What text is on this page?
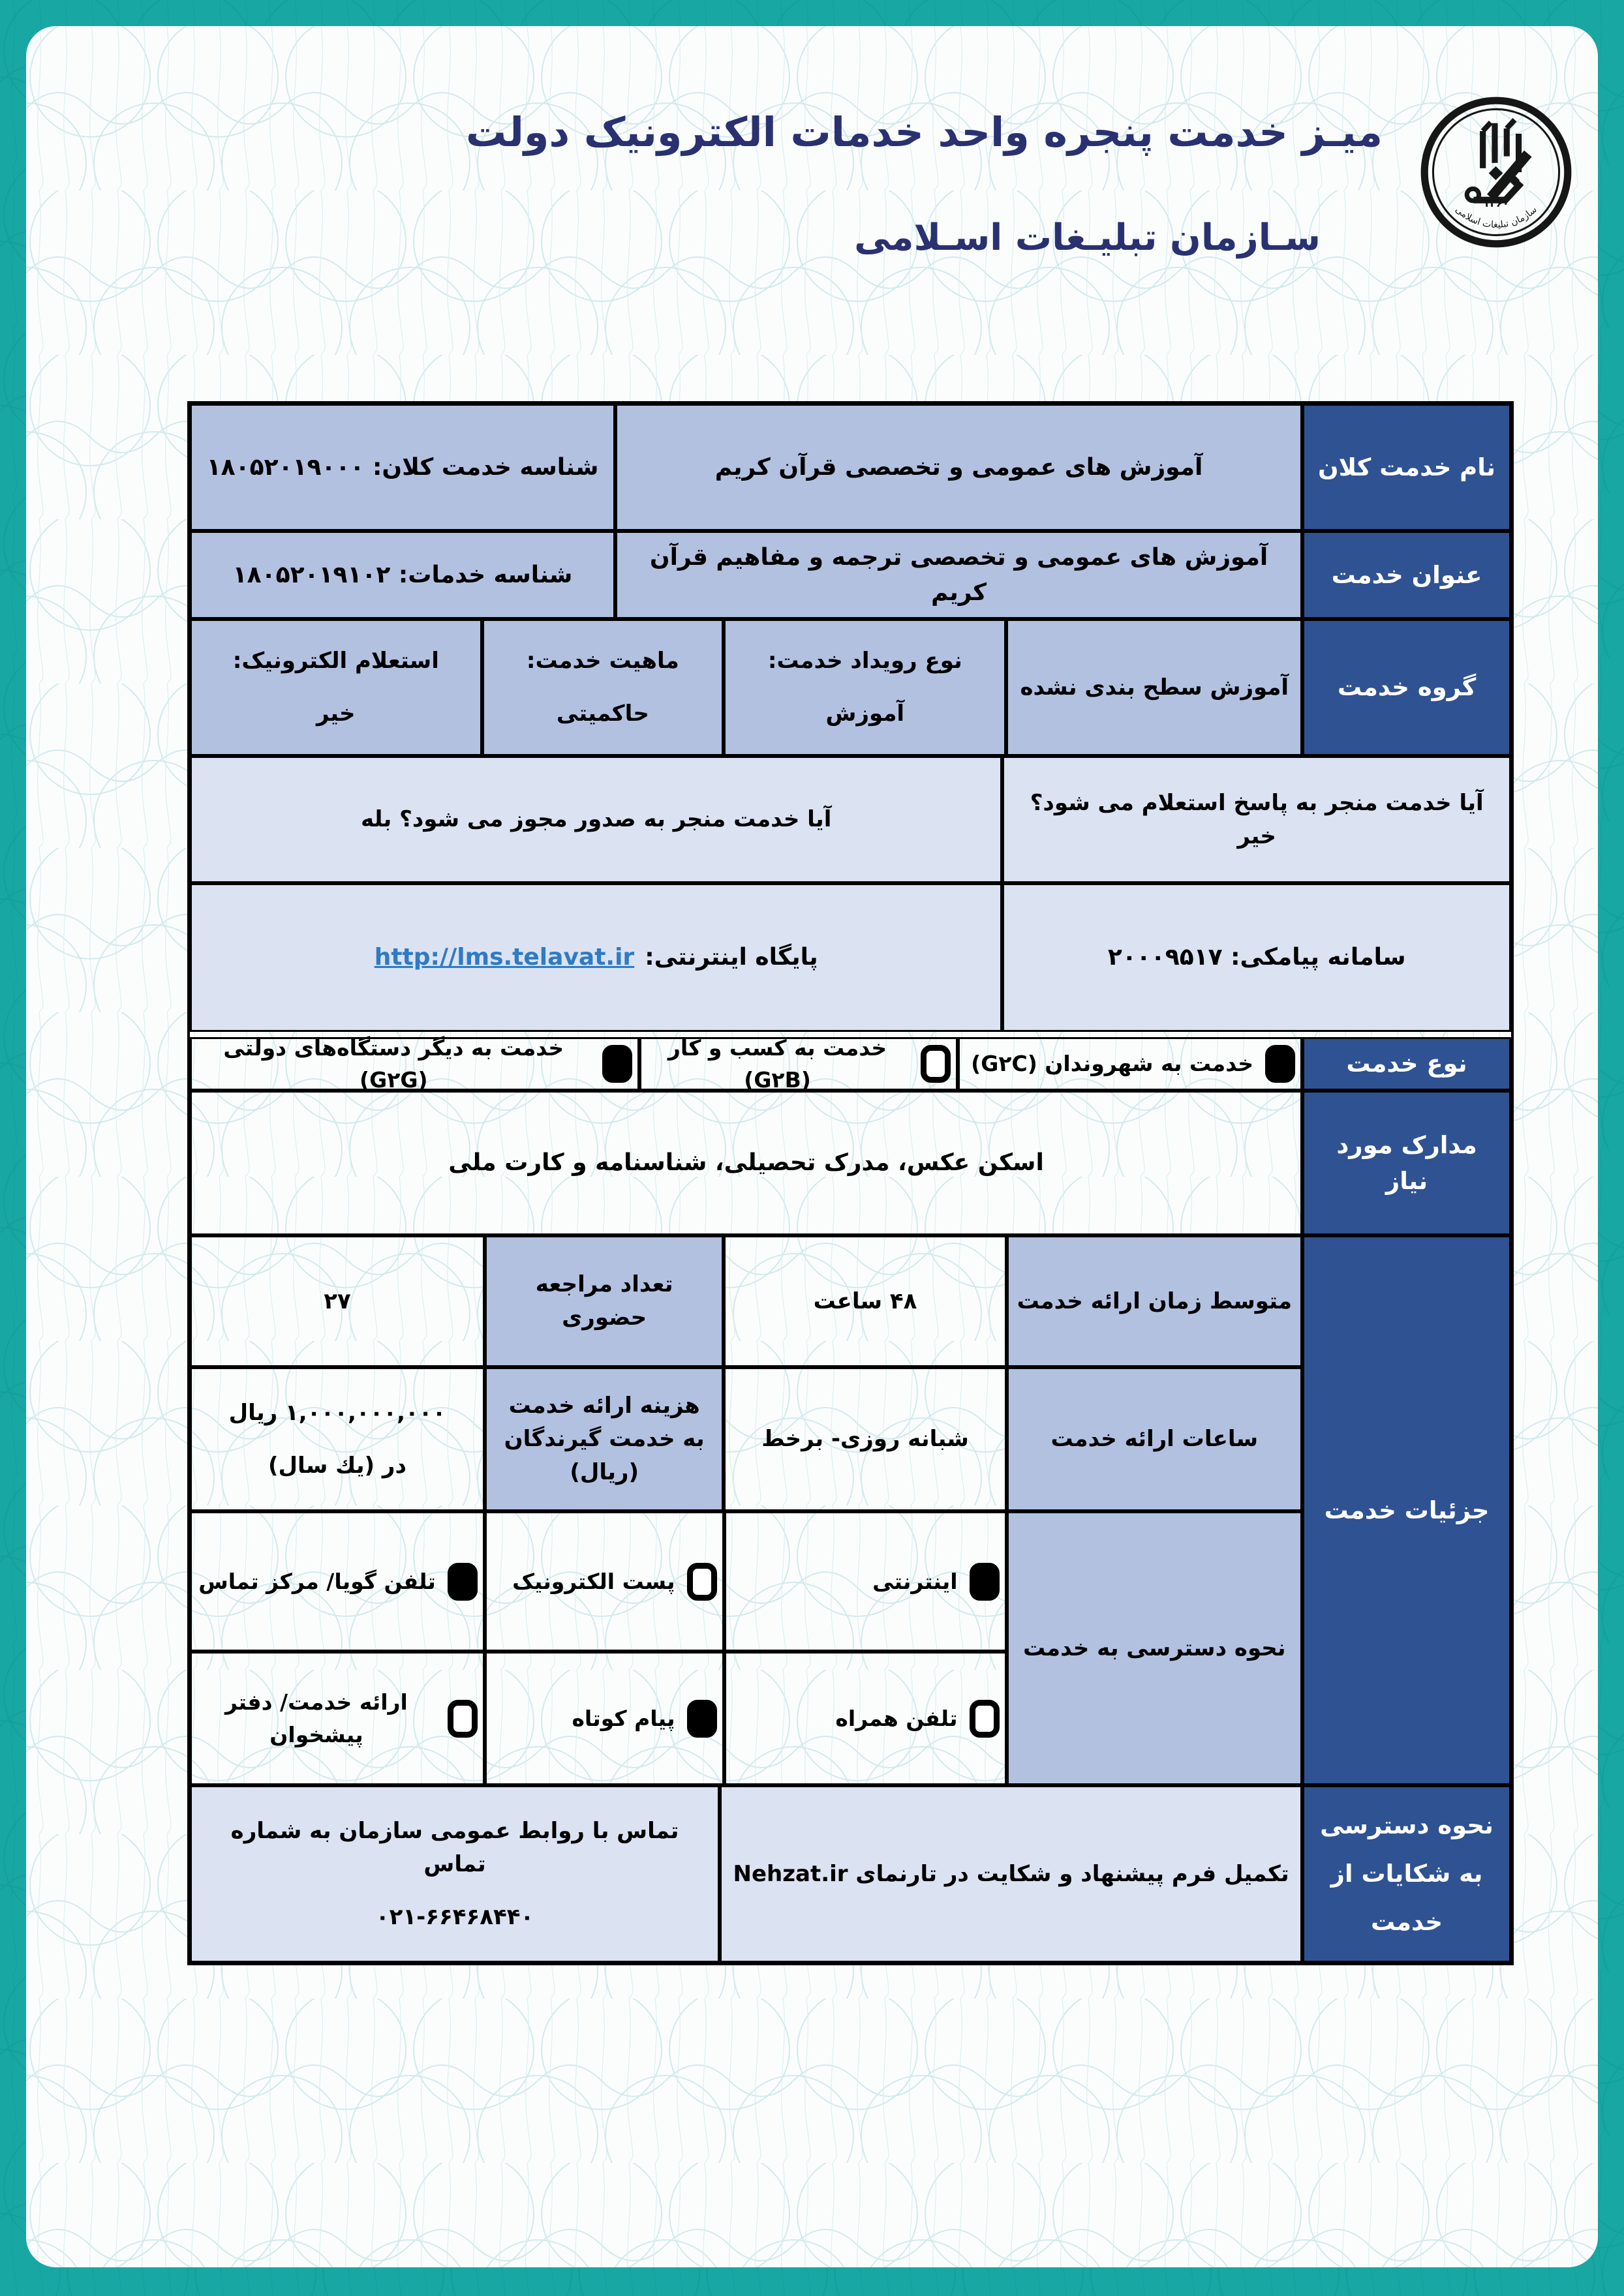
میـز خدمت پنجره واحد خدمات الکترونیک دولت
سـازمان تبلیـغات اسـلامی
۱۳۶۰
سازمان تبلیغات اسلامی
نام خدمت کلان
آموزش های عمومی و تخصصی قرآن کریم
شناسه خدمت کلان: ۱۸۰۵۲۰۱۹۰۰۰
عنوان خدمت
آموزش های عمومی و تخصصی ترجمه و مفاهیم قرآن کریم
شناسه خدمات: ۱۸۰۵۲۰۱۹۱۰۲
گروه خدمت
آموزش سطح بندی نشده
نوع رویداد خدمت:
آموزش
ماهیت خدمت:
حاکمیتی
استعلام الکترونیک:
خیر
آیا خدمت منجر به پاسخ استعلام می شود؟ خیر
آیا خدمت منجر به صدور مجوز می شود؟ بله
سامانه پیامکی: ۲۰۰۰۹۵۱۷
پایگاه اینترنتی:
http://lms.telavat.ir
نوع خدمت
خدمت به شهروندان (G۲C)
خدمت به کسب و کار (G۲B)
خدمت به دیگر دستگاه‌های دولتی (G۲G)
مدارک مورد نیاز
اسکن عکس، مدرک تحصیلی، شناسنامه و کارت ملی
جزئیات خدمت
متوسط زمان ارائه خدمت
۴۸ ساعت
تعداد مراجعه حضوری
۲۷
ساعات ارائه خدمت
شبانه روزی- برخط
هزینه ارائه خدمت به خدمت گیرندگان (ریال)
۱,۰۰۰,۰۰۰,۰۰۰ ریال
در (یك سال)
نحوه دسترسی به خدمت
اینترنتی
پست الکترونیک
تلفن گویا/ مرکز تماس
تلفن همراه
پیام کوتاه
ارائه خدمت/ دفتر پیشخوان
نحوه دسترسی به شکایات از خدمت
تکمیل فرم پیشنهاد و شکایت در تارنمای Nehzat.ir
تماس با روابط عمومی سازمان به شماره تماس
۰۲۱-۶۶۴۶۸۴۴۰
